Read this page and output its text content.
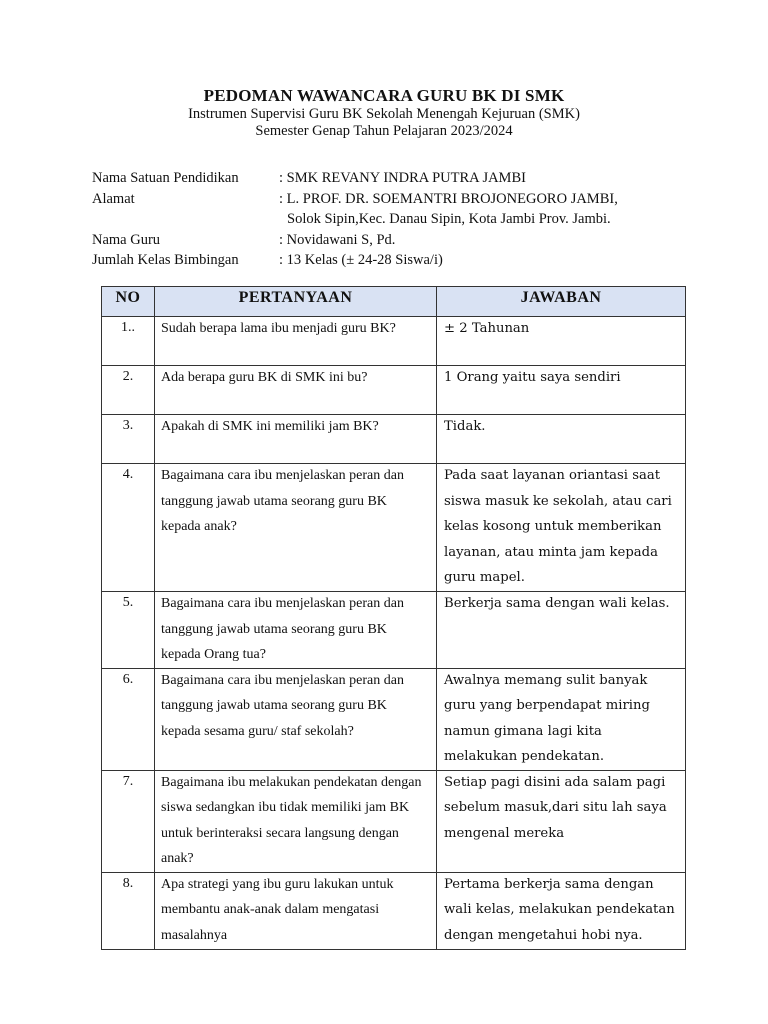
PEDOMAN WAWANCARA GURU BK DI SMK
Instrumen Supervisi Guru BK Sekolah Menengah Kejuruan (SMK)
Semester Genap Tahun Pelajaran 2023/2024
Nama Satuan Pendidikan	: SMK REVANY INDRA PUTRA JAMBI
Alamat	: L. PROF. DR. SOEMANTRI BROJONEGORO JAMBI,
Solok Sipin,Kec. Danau Sipin, Kota Jambi Prov. Jambi.
Nama Guru	: Novidawani S, Pd.
Jumlah Kelas Bimbingan	: 13 Kelas (± 24-28 Siswa/i)
NO	PERTANYAAN	JAWABAN
1..	Sudah berapa lama ibu menjadi guru BK?	± 2 Tahunan

2.	Ada berapa guru BK di SMK ini bu?	1 Orang yaitu saya sendiri

3.	Apakah di SMK ini memiliki jam BK?	Tidak.

4.	Bagaimana cara ibu menjelaskan peran dan tanggung jawab utama seorang guru BK kepada anak?	Pada saat layanan oriantasi saat siswa masuk ke sekolah, atau cari kelas kosong untuk memberikan layanan, atau minta jam kepada guru mapel.

5.	Bagaimana cara ibu menjelaskan peran dan tanggung jawab utama seorang guru BK kepada Orang tua?	Berkerja sama dengan wali kelas.

6.	Bagaimana cara ibu menjelaskan peran dan tanggung jawab utama seorang guru BK kepada sesama guru/ staf sekolah?	Awalnya memang sulit banyak guru yang berpendapat miring namun gimana lagi kita melakukan pendekatan.

7.	Bagaimana ibu melakukan pendekatan dengan siswa sedangkan ibu tidak memiliki jam BK untuk berinteraksi secara langsung dengan anak?	Setiap pagi disini ada salam pagi sebelum masuk,dari situ lah saya mengenal mereka

8.	Apa strategi yang ibu guru lakukan untuk membantu anak-anak dalam mengatasi masalahnya	Pertama berkerja sama dengan wali kelas, melakukan pendekatan dengan mengetahui hobi nya.
